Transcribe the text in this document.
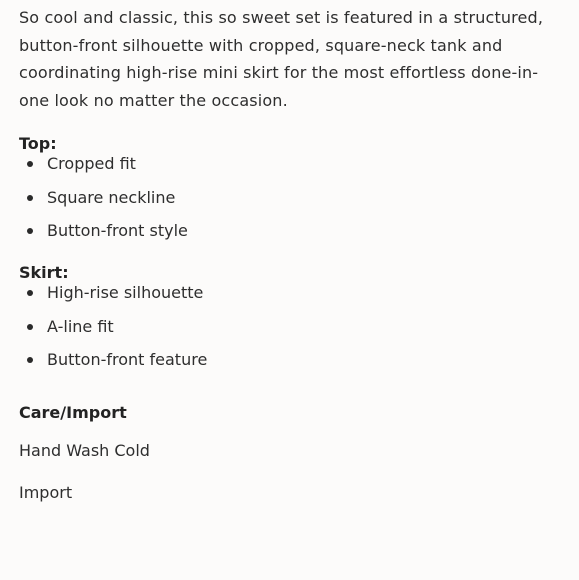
So cool and classic, this so sweet set is featured in a structured, button-front silhouette with cropped, square-neck tank and coordinating high-rise mini skirt for the most effortless done-in-one look no matter the occasion.

Top:
Cropped fit
Square neckline
Button-front style
Skirt:
High-rise silhouette
A-line fit
Button-front feature
Care/Import

Hand Wash Cold

Import
